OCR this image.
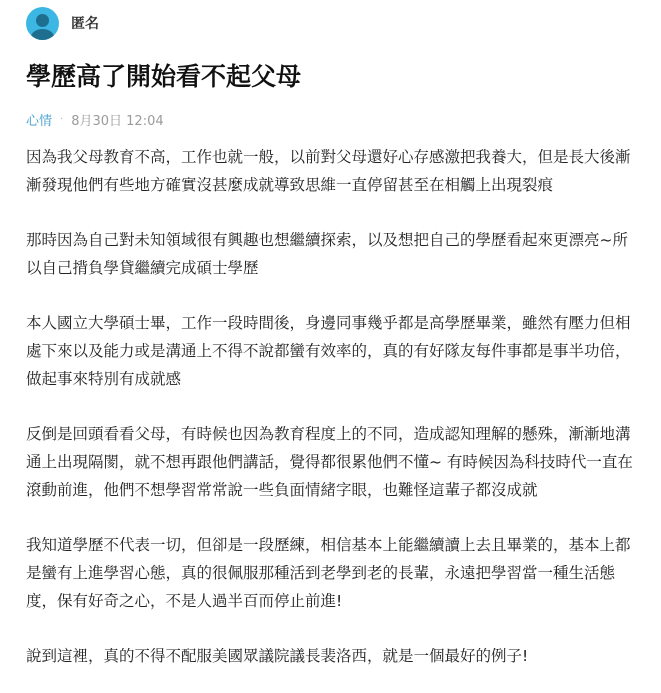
匿名
學歷高了開始看不起父母
心情 · 8月30日 12:04

因為我父母教育不高，工作也就一般，以前對父母還好心存感激把我養大，但是長大後漸漸發現他們有些地方確實沒甚麼成就導致思維一直停留甚至在相觸上出現裂痕

那時因為自己對未知領域很有興趣也想繼續探索，以及想把自己的學歷看起來更漂亮~所以自己揹負學貸繼續完成碩士學歷

本人國立大學碩士畢，工作一段時間後，身邊同事幾乎都是高學歷畢業，雖然有壓力但相處下來以及能力或是溝通上不得不說都蠻有效率的，真的有好隊友每件事都是事半功倍，做起事來特別有成就感

反倒是回頭看看父母，有時候也因為教育程度上的不同，造成認知理解的懸殊，漸漸地溝通上出現隔閡，就不想再跟他們講話，覺得都很累他們不懂~ 有時候因為科技時代一直在滾動前進，他們不想學習常常說一些負面情緒字眼，也難怪這輩子都沒成就

我知道學歷不代表一切，但卻是一段歷練，相信基本上能繼續讀上去且畢業的，基本上都是蠻有上進學習心態，真的很佩服那種活到老學到老的長輩，永遠把學習當一種生活態度，保有好奇之心，不是人過半百而停止前進!

說到這裡，真的不得不配服美國眾議院議長裴洛西，就是一個最好的例子!
